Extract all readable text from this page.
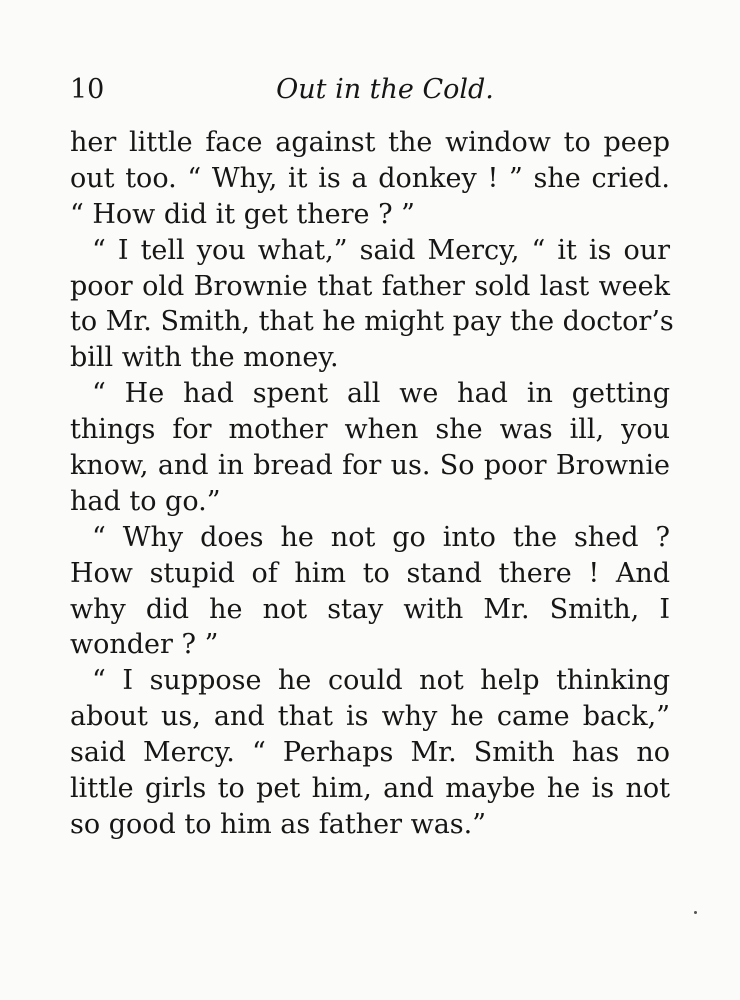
10	Out in the Cold.
her little face against the window to peep
out too. “ Why, it is a donkey ! ” she cried.
“ How did it get there ? ”
“ I tell you what,” said Mercy, “ it is our
poor old Brownie that father sold last week
to Mr. Smith, that he might pay the doctor’s
bill with the money.
“ He had spent all we had in getting
things for mother when she was ill, you
know, and in bread for us. So poor Brownie
had to go.”
“ Why does he not go into the shed ?
How stupid of him to stand there ! And
why did he not stay with Mr. Smith, I
wonder ? ”
“ I suppose he could not help thinking
about us, and that is why he came back,”
said Mercy. “ Perhaps Mr. Smith has no
little girls to pet him, and maybe he is not
so good to him as father was.”
